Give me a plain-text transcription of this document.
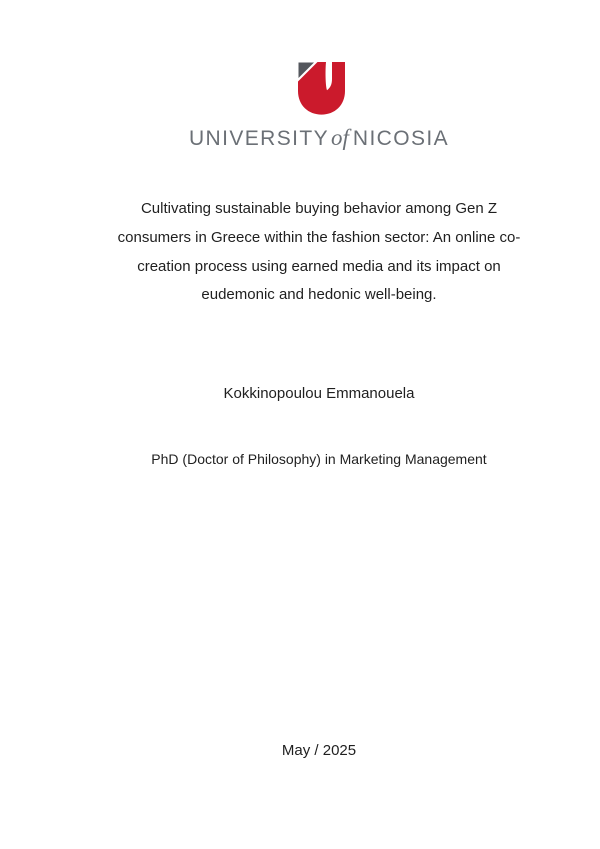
UNIVERSITYof NICOSIA
Cultivating sustainable buying behavior among Gen Z
consumers in Greece within the fashion sector: An online co-
creation process using earned media and its impact on
eudemonic and hedonic well-being.
Kokkinopoulou Emmanouela
PhD (Doctor of Philosophy) in Marketing Management
May / 2025
